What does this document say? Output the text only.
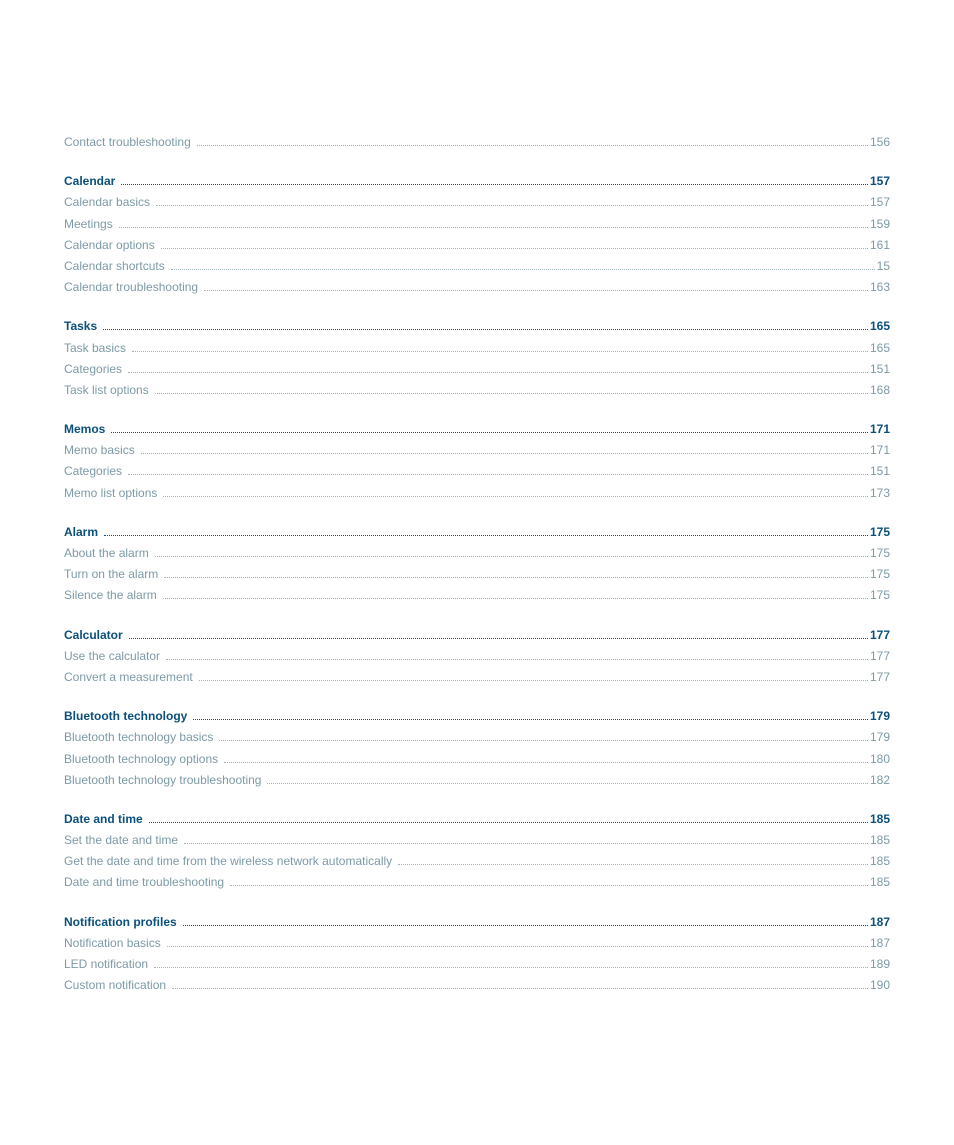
Contact troubleshooting	156
Calendar	157
Calendar basics	157
Meetings	159
Calendar options	161
Calendar shortcuts	15
Calendar troubleshooting	163
Tasks	165
Task basics	165
Categories	151
Task list options	168
Memos	171
Memo basics	171
Categories	151
Memo list options	173
Alarm	175
About the alarm	175
Turn on the alarm	175
Silence the alarm	175
Calculator	177
Use the calculator	177
Convert a measurement	177
Bluetooth technology	179
Bluetooth technology basics	179
Bluetooth technology options	180
Bluetooth technology troubleshooting	182
Date and time	185
Set the date and time	185
Get the date and time from the wireless network automatically	185
Date and time troubleshooting	185
Notification profiles	187
Notification basics	187
LED notification	189
Custom notification	190
